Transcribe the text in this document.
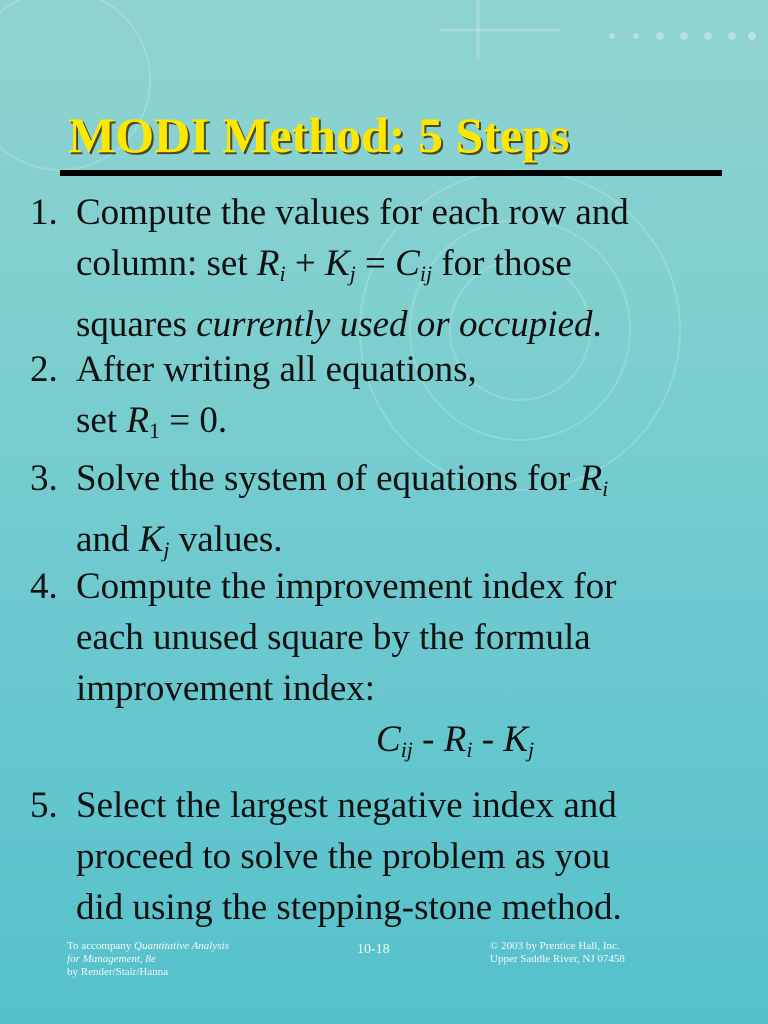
MODI Method: 5 Steps
1. Compute the values for each row and
column: set $R_i + K_j = C_{ij}$ for those
squares currently used or occupied.
2. After writing all equations,
set $R_1 = 0$.
3. Solve the system of equations for $R_i$
and $K_j$ values.
4. Compute the improvement index for
each unused square by the formula
improvement index:
$C_{ij} - R_i - K_j$
5. Select the largest negative index and
proceed to solve the problem as you
did using the stepping-stone method.
To accompany Quantitative Analysis
for Management, 8e
by Render/Stair/Hanna
10-18	© 2003 by Prentice Hall, Inc.
Upper Saddle River, NJ 07458
